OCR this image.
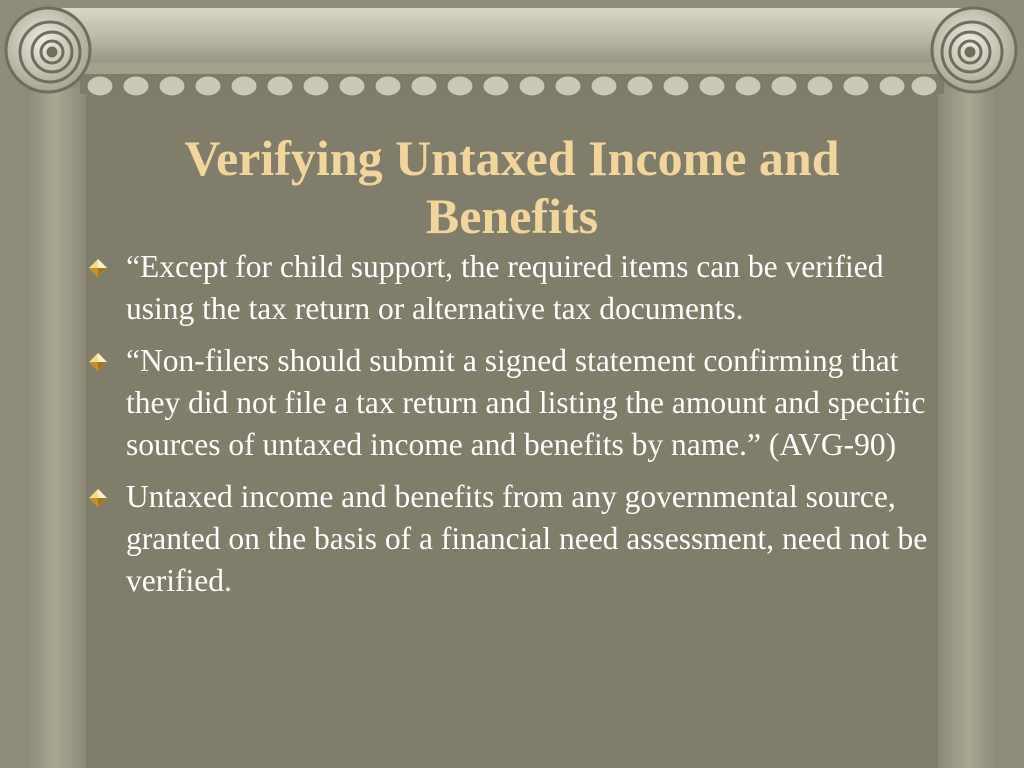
Verifying Untaxed Income and Benefits
“Except for child support, the required items can be verified using the tax return or alternative tax documents.
“Non-filers should submit a signed statement confirming that they did not file a tax return and listing the amount and specific sources of untaxed income and benefits by name.” (AVG-90)
Untaxed income and benefits from any governmental source, granted on the basis of a financial need assessment, need not be verified.
